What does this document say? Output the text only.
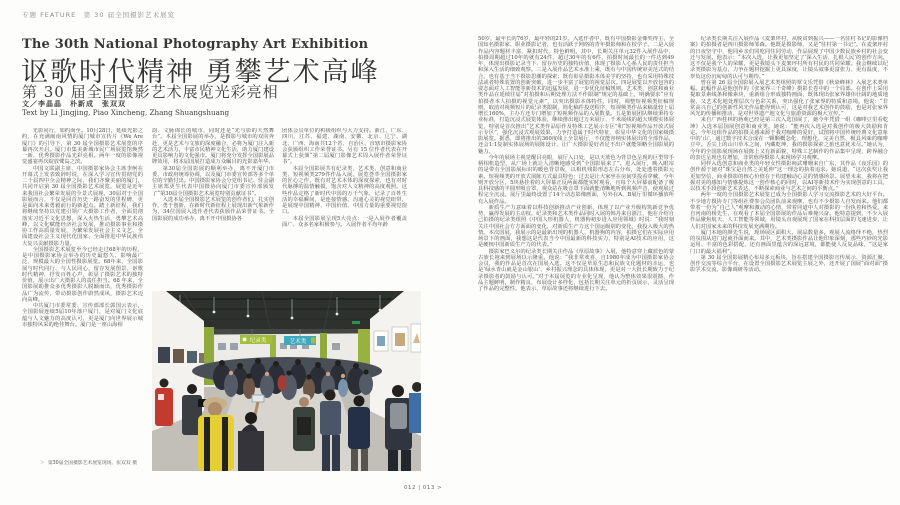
专题 FEATURE　第 30 届全国摄影艺术展览
The 30th National Photography Art Exhibition
讴歌时代精神 勇攀艺术高峰
第 30 届全国摄影艺术展览光彩亮相
文／李晶晶　朴新成　张双双
Text by Li Jingjing, Piao Xincheng, Zhang Shuangshuang

光影同行，如约而至。10月28日，延续光影之约，在充满闽南风情的厦门城市宣传片《We Are 厦门》的引导下，第 30 届全国摄影艺术展览的序幕再次开启。厦门市集美新城市民广场展览馆焕然一新，优秀摄影作品光彩亮相。两年一度的影像视觉盛宴再次绽放鹭岛之滨。

中国文联副主席、中国摄影家协会主席李舸在开幕式上发表致辞时说，在深入学习宣传贯彻党的二十届四中全会精神之际，我们齐聚美丽的厦门，共同开启第 30 届全国摄影艺术展览。展览是近年来我国社会繁荣发展的全景式展现，30届对于全国影展而言，不仅是回首历史一路奋发的里程碑，更是面向未来勇毅前行的新起点。踏上新征程，我们将继续坚持以党建引领广大摄影工作者，全面贯彻落实习近平文化思想，深入火热生活，勇攀艺术高峰，以文化赋能经济社会发展，推动摄影事业和摄协工作高质量发展，为繁荣发展社会主义文艺、全面建设社会主义现代化国家、全面推进中华民族伟大复兴贡献摄影力量。

全国摄影艺术展览至今已经走过68年的历程，是中国摄影家协会举办的历史最悠久、影响最广泛、规模最大的全国性摄影展览。68年来，全国影展与时代同行、与人民同心，留存发展图景、讴歌时代精神，抒发百姓心声，彰显了摄影艺术的独特价值，展示出广大摄影人的责任担当。68 年来，全国影展助推众多优秀摄影人脱颖而出，优秀摄影作品广为流传，带动摄影创作蔚然成风，摄影艺术迈向高峰。

中共厦门市委常委、宣传部部长郭国云表示，全国影展连续5届10年落户厦门，是对厦门文化底蕴与人文魅力的高度认可，更是厦门向世界展示城市独特风采的绝佳舞台。厦门是一座山海相

韵、文脉绵长的城市，同时还是“光与影的天然舞台”。本届全国影展的举办，是摄影与城市的双向奔赴，更是艺术与文旅的深度融合，必将为厦门注入新的艺术活力，丰富市民精神文化生活，助力厦门建设更具影响力的文化强市。厦门将充分发挥全国影展品牌效用，将本届国展打造成万众瞩目的光影嘉年华。

第30届全国影展的顺利举办，离不开厦门市委、市政府统筹协调，以及厦门市委宣传部等多个单位的辛勤付出。中国摄影家协会分党组书记、驻会副主席郑更生代表中国摄协向厦门市委宣传部颁发了“第30届全国摄影艺术展览特别贡献证书”。

入选本届全国摄影艺术展览的创作者们，扎实创作、勇于创新，在新时代新征程上展现出新气象新作为，34位国展入选作者代表获颁作品荣誉证书。全国影展的成功举办，离不开中国摄协各

团体会员单位的积极组织与大力支持。浙江、广东、四川、江苏、福建、湖南、安徽、北京、辽宁、湖北、广西、海南共12个省、自治区、直辖市摄影家协会获颁组织工作荣誉证书。另有 15 位作者代表在开幕式上获颁“第二届厦门影像艺术周入展作者荣誉证书”。

本届全国影展共有纪录类、艺术类、创意和商业类、短视频类279件作品入展。展览荟萃全国摄影家的匠心之作，既有对艺术本体的深度探索，也有对时代脉搏的温情触摸，饱含对人文精神的高度观照。这些作品定格了新时代中国的万千气象，记录了百姓生活的幸福瞬间，是连接情感、沟通心灵的视觉纽带，是展现中国精神、中国价值、中国力量的重要视觉窗口。

本届全国影展呈现5大亮点：一是入展作者覆盖面广、众多名家积极参与。入展作者平均年龄

50岁，最年长的76岁，最年轻的21岁。入选作者中，既有中国摄影金像奖得主、全国知名摄影家、职业摄影记者，也有活跃于网络的青年摄影师和在校学子。二是入展作品内容题材丰富、紧扣时代、特色鲜明。其中，长期关注单元32件入展作品中，拍摄周期超过10年的就有24件，超过30年的有6件，拍摄时间最长的一件达到49年，体现出摄影记录当下、留存历史的独特价值，体现了摄影人心系人民的责任担当和深入生活的细致观察。三是入展作品艺术水准上乘，既有与中国传统审美范式的结合，也有基于当下摄影思潮的探索；既有彰显摄影本体美学的坚持，也有采用特殊技法或者特殊装置的创新突破，进一步丰富了展览的视觉层次。四是展览以开放包容的姿态面对人工智能等新技术的迅猛发展，进一步优化征稿规则。艺术类、创意和商业类作品在延续往届“对拍摄和后期处理方法不作限制”规定的基础上，明确要求“应有拍摄者本人拍摄的视觉元素”，以突出摄影本体特性。同时，调整短视频类征稿规则，取消对视频短片的纪录类限制，简化稿件投送程序，短视频类作品来稿量较上届增长160%，主办方还专门增加了短视频作品的入展数量。五是策展团队继续秉持专业标准，打造沉浸式展览体验，继续推出超过万米展厅、千米展线的超大规模实体展览，特别是首次推出“艺术类作品原作及特殊工艺展示专区”和“短视频作品开放式展示专区”，强化沉浸式观展效果，力争打造属于时代特征、彰显中华文化的国家级摄影展览。据悉，即将推出的360度线上全景展厅，不仅能容纳实体展出的全部作品，还会1:1复制实体展场的展陈设计，让广大摄影爱好者足不出户就能领略全国影展的魅力。

今年的展场主视觉醒目亮眼，展厅入口处，是以天蓝色为背景色呈现的巨型带手柄相机造型，从广场上就让人清晰地感受到“全国影展来了”。进入展厅，映入眼帘的是带有全国影展标识的暖色背景板，以相机残影形态左右分布，处处透着摄影元素。短视频类的开放式展陈方式最具特色：过去是让大家坐在房间里投看穿戴，今年则开放分区，5块悬挂着的大屏幕正反两面都能实时观看，且每个大屏幕前配备了极具科技感的半圆形吸音罩，观众站在吸音罩下面就能清晰地听到视频声音，使观展过程完全沉浸。展厅里最终设置了14个动态影像画面，另外在A、B展厅里循环播放所有入展作品。

新质生产力意味着以科技创新推动产业创新，体现了以产业升级构筑新竞争优势，赢得发展的主动权。纪录类和艺术类作品同时入展的韩丹来自浙江，他在介绍自己拍摄的纪录类组照《中国人形机器人，机器狗初步进入应用领域》时说：“我时刻关注中国社会方方面面的变化，对新质生产力这个国运级别的变化，我投入极大的热情。本次国展，我展示的是最新出现的机器人、机器狗的内容，拍摄它们在实际应用场景下的画面，我想这是代表当今中国最新的科技实力，特别是AI技术的应用，这是硬核中国新质生产力的代表。”

摄影家巴义尔的纪录类长期关注作品《草原故事》入展，他特意穿上藏蓝色的蒙古族长袍来到展场以示隆重。他说：“我非常欢喜，自1980年成为中国摄影家协会会员，我的作品是首次在国展入选。这不仅是草原生态和民族文化题材的幸运，也是‘绿水青山就是金山银山’、乡村振兴理念的具体体现，更是对一大批长期致力于纪录摄影者的鼓励与认可。”对于本届展览的专业化呈现，他认为整体效果很震撼，作品主题鲜明，制作精良，布展设计多样化，包括长期关注单元的折页展示，灵活呈现了作品的完整性。他表示，草原故事还将继续进行下去。

纪录类长期关注入展作品《麦架坪村，从脱贫到振兴——一名驻村书记的影像档案》的拍摄者是四川摄影师邹森。他既是摄影师，又是“驻村第一书记”。在麦架坪村的日夜坚守中，他同乡亲们同吃同住同劳动，作品展现了中国少数民族乡村的社会变迁与发展。他表示：“本次入选，让我更加坚定了‘深入生活、扎根人民’的创作方向。这不仅是我个人的荣耀，更是我镜头下麦架坪村所有村民的共同荣耀。我会继续以纪录类摄影为基点，力争在题材挖掘上更具深度，让镜头叙事更富张力、更有温度，不辜负这份沉甸甸的认可与期待。”

曾在第 26 届全国影展入展艺术类组照的覃文乐凭借《秋染峰林》入展艺术类单幅。此幅作品是他创作的《张家界三千奇峰》摄影长卷中的一个局部。在创作上采用提取景素线条和像素块，重新组合形成独特画面，既体现出张家界雄伟壮阔的地质地貌，又艺术化地处理层次与色彩关系，突出强化了张家界的特质和意境。他说：“非常高兴自己的创新性风光作品能得到认可，这是对我艺术创作的鼓励，也是对张家界风光的传播和推动，是对世界遗产地文化与旅游资源的极大宣传。”

来自广西桂林的蒋莉已经是第三次入选国展了，她今年凭借一组《咖啡豆里看乾坤》入选本届国展创意和商业类。她说：“能再次入选是对我创作的极大鼓励和肯定。今年这组作品的拍摄灵感来源于我对咖啡的爱好，试图将中国传统经典文化意象中的‘山’，通过数字技术合成在一颗颗概念化、理想化、完美自然、极具风味的咖啡豆中。舌尖上的山川草木之间，内藏乾坤，我的摄影探索之旅也意犹未尽。”她认为，今年的全国影展现场在展陈上又有新面貌，特殊工艺制作的作品集中呈现，跨界融合的表达呈现也有增加，非常值得摄影人来现场学习观摩。

同样入选创意和商业类的年轻女性摄影师武珊珊来自广东，其作品《夜乐园》的创作源于她对“珠宝是自然之美延伸”这一理念的执着追求。她说道，“这次获奖让我更加坚信，商业摄影的核心价值在于构建触动心灵的情感场景。展望未来，我将在把握对美的感知与情感提炼这一创作核心的同时，以AI等新技术作为实现创意的工具，以技术手段创新艺术表达，不断探索商业与艺术之间的平衡点。”

两年一度的全国摄影艺术展览已成为全国摄影人学习交流摄影艺术的大好平台。不少地方摄协专门等组社费参会员团队前来观摩，也有不少摄影人自发而来。他们都带着一份为“自己人”观摩和激动的心情，带着同道中人对摄影的一份执着和热爱。来自河南的杨先生，在观看了本届全国影展的作品后难掩兴奋。他特意提到，不少入展作品聚焦航天、人工智能等领域，用镜头直观展现了国家在科技层面的飞速进步，让人们对国家未来的科技发展充满期待。

厦门本地的颜先生说，现场展区面积大、展品数量多，观展人流络绎不绝，热烈的氛围从进门起就扑面而来。其中，艺术类摄影作品让他印象深刻，那些巧妙的光影运用、丰富的色彩搭配，还有画面里蕴含的深远意境，都能使人反复品味，“这是家门口的最大福利”。

第 30 届全国影展精心布局多元板块，旨在搭建全国摄影宣传展示、资源汇聚、创作交流等综合平台，在设置全国摄影艺术展览主展之外，还开展了国展“面对面”摄影学术交流、影像调研等活动。

纪录类	艺术类
＞ 第30届全国摄影艺术展览现场。张双双 摄
012 | 013 >
